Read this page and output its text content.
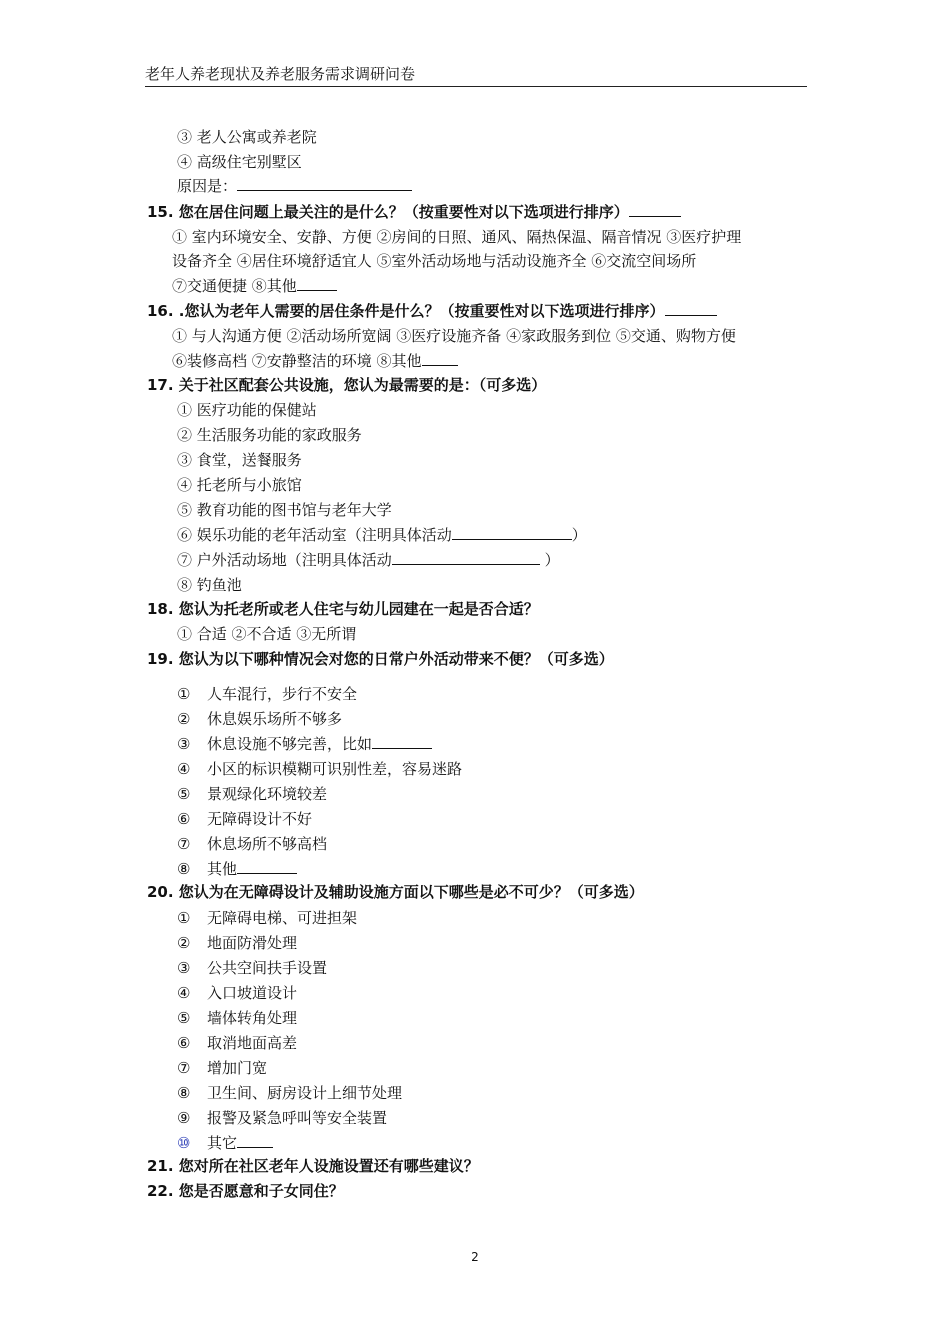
老年人养老现状及养老服务需求调研问卷
③ 老人公寓或养老院
④ 高级住宅别墅区
原因是：
15. 您在居住问题上最关注的是什么？（按重要性对以下选项进行排序）
① 室内环境安全、安静、方便 ②房间的日照、通风、隔热保温、隔音情况 ③医疗护理
设备齐全 ④居住环境舒适宜人 ⑤室外活动场地与活动设施齐全 ⑥交流空间场所
⑦交通便捷 ⑧其他
16. .您认为老年人需要的居住条件是什么？（按重要性对以下选项进行排序）
① 与人沟通方便 ②活动场所宽阔 ③医疗设施齐备 ④家政服务到位 ⑤交通、购物方便
⑥装修高档 ⑦安静整洁的环境 ⑧其他
17. 关于社区配套公共设施，您认为最需要的是：（可多选）
① 医疗功能的保健站
② 生活服务功能的家政服务
③ 食堂，送餐服务
④ 托老所与小旅馆
⑤ 教育功能的图书馆与老年大学
⑥ 娱乐功能的老年活动室（注明具体活动	）
⑦ 户外活动场地（注明具体活动	）
⑧ 钓鱼池
18. 您认为托老所或老人住宅与幼儿园建在一起是否合适？
① 合适 ②不合适 ③无所谓
19. 您认为以下哪种情况会对您的日常户外活动带来不便？（可多选）
① 人车混行，步行不安全
② 休息娱乐场所不够多
③ 休息设施不够完善，比如
④ 小区的标识模糊可识别性差，容易迷路
⑤ 景观绿化环境较差
⑥ 无障碍设计不好
⑦ 休息场所不够高档
⑧ 其他
20. 您认为在无障碍设计及辅助设施方面以下哪些是必不可少？（可多选）
① 无障碍电梯、可进担架
② 地面防滑处理
③ 公共空间扶手设置
④ 入口坡道设计
⑤ 墙体转角处理
⑥ 取消地面高差
⑦ 增加门宽
⑧ 卫生间、厨房设计上细节处理
⑨ 报警及紧急呼叫等安全装置
⑩ 其它
21. 您对所在社区老年人设施设置还有哪些建议？
22. 您是否愿意和子女同住？
2
